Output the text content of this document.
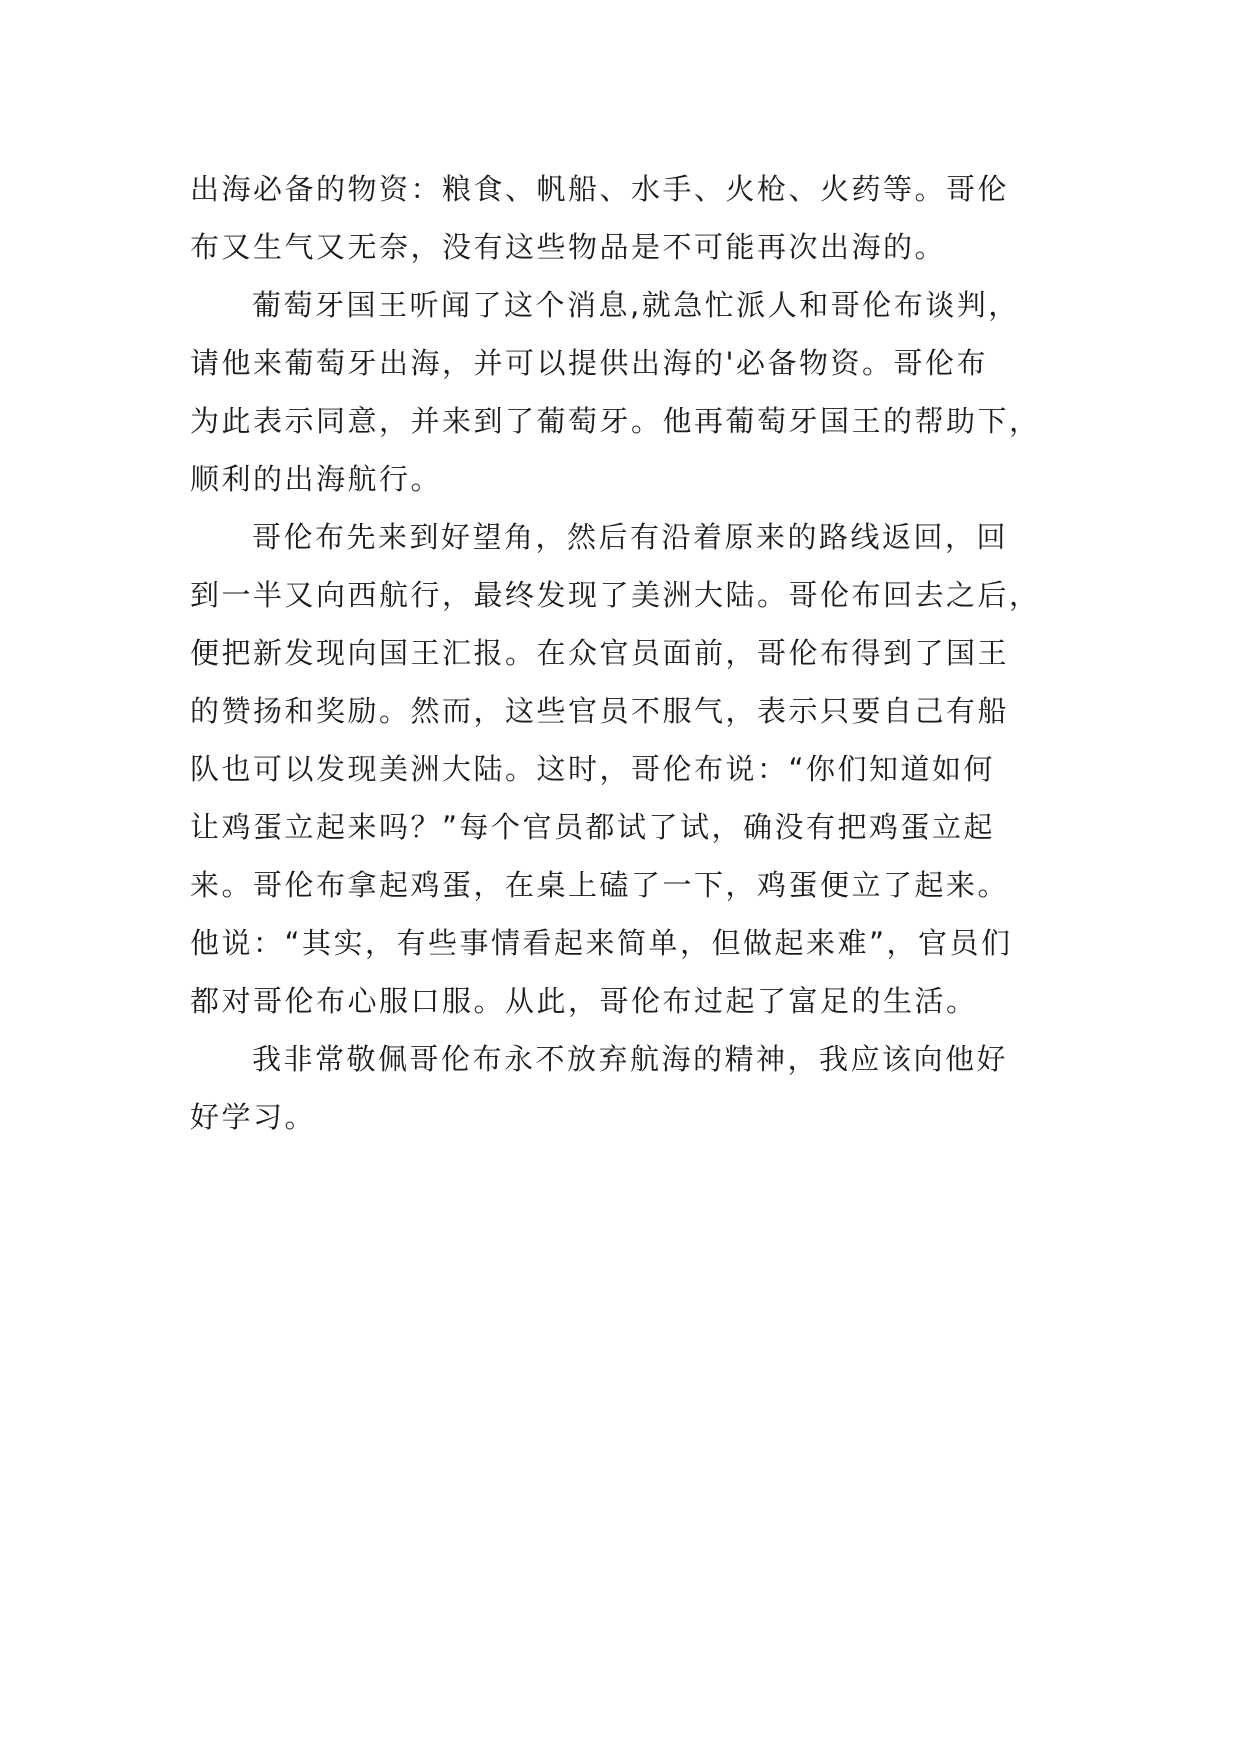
出海必备的物资：粮食、帆船、水手、火枪、火药等。哥伦
布又生气又无奈，没有这些物品是不可能再次出海的。
葡萄牙国王听闻了这个消息,就急忙派人和哥伦布谈判，
请他来葡萄牙出海，并可以提供出海的'必备物资。哥伦布
为此表示同意，并来到了葡萄牙。他再葡萄牙国王的帮助下，
顺利的出海航行。
哥伦布先来到好望角，然后有沿着原来的路线返回，回
到一半又向西航行，最终发现了美洲大陆。哥伦布回去之后，
便把新发现向国王汇报。在众官员面前，哥伦布得到了国王
的赞扬和奖励。然而，这些官员不服气，表示只要自己有船
队也可以发现美洲大陆。这时，哥伦布说：“你们知道如何
让鸡蛋立起来吗？”每个官员都试了试，确没有把鸡蛋立起
来。哥伦布拿起鸡蛋，在桌上磕了一下，鸡蛋便立了起来。
他说：“其实，有些事情看起来简单，但做起来难”，官员们
都对哥伦布心服口服。从此，哥伦布过起了富足的生活。
我非常敬佩哥伦布永不放弃航海的精神，我应该向他好
好学习。
